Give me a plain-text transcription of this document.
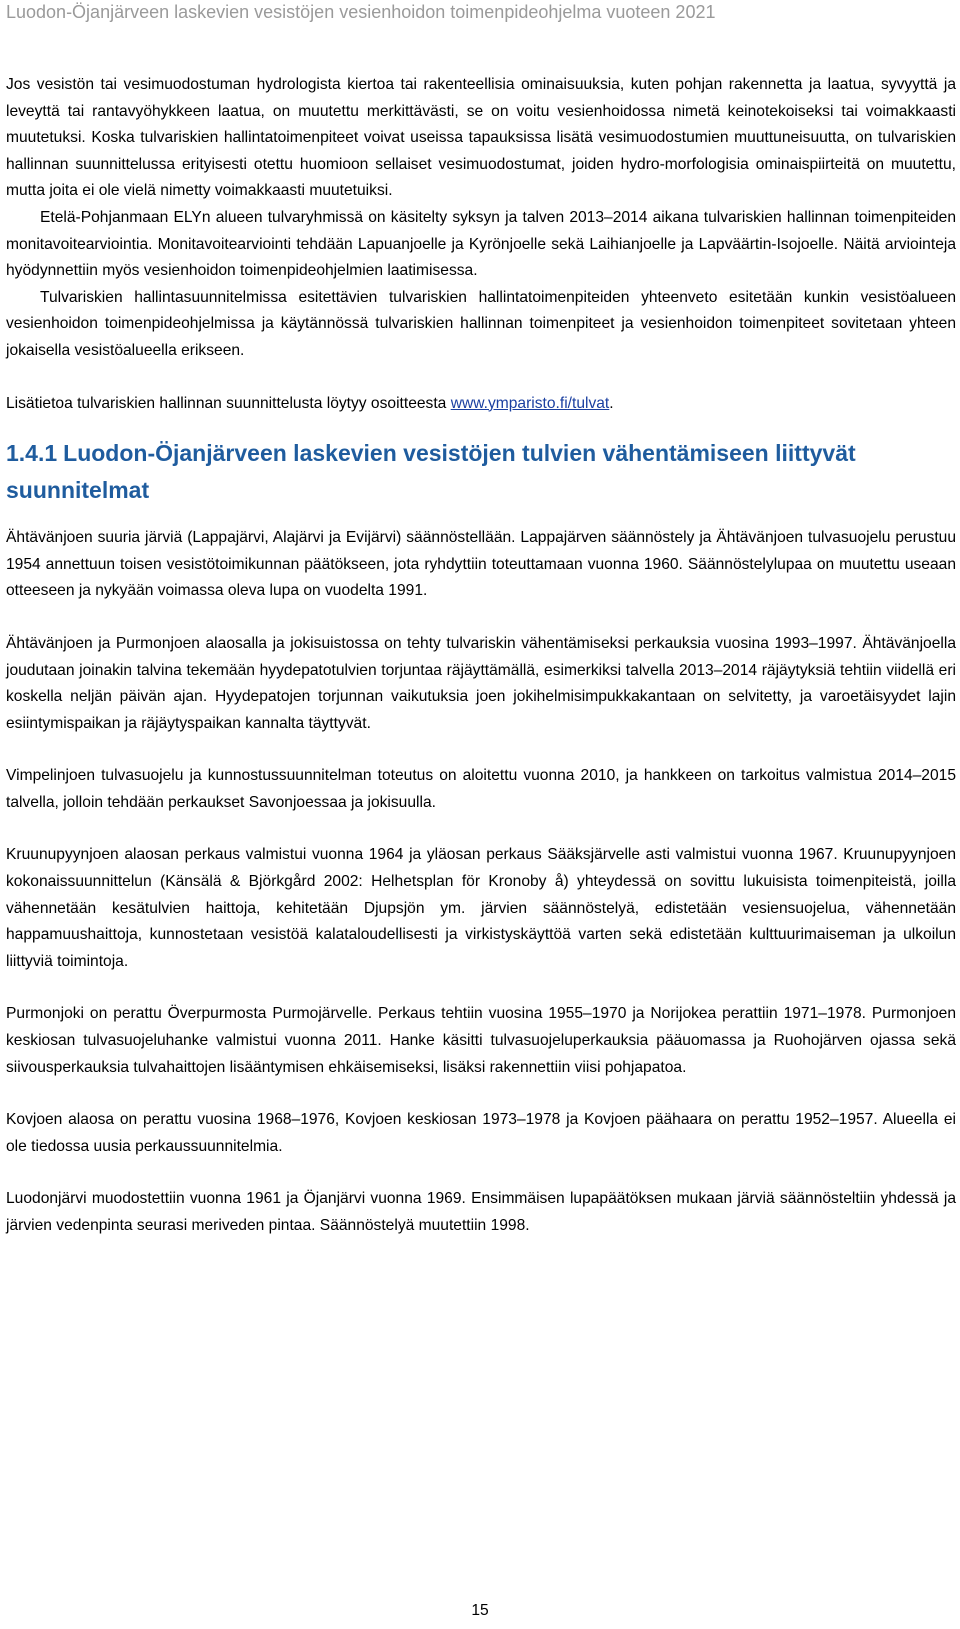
Luodon-Öjanjärveen laskevien vesistöjen vesienhoidon toimenpideohjelma vuoteen 2021

Jos vesistön tai vesimuodostuman hydrologista kiertoa tai rakenteellisia ominaisuuksia, kuten pohjan rakennetta ja laatua, syvyyttä ja leveyttä tai rantavyöhykkeen laatua, on muutettu merkittävästi, se on voitu vesienhoidossa nimetä keinotekoiseksi tai voimakkaasti muutetuksi. Koska tulvariskien hallintatoimenpiteet voivat useissa tapauksissa lisätä vesimuodostumien muuttuneisuutta, on tulvariskien hallinnan suunnittelussa erityisesti otettu huomioon sellaiset vesimuodostumat, joiden hydro-morfologisia ominaispiirteitä on muutettu, mutta joita ei ole vielä nimetty voimakkaasti muutetuiksi.

Etelä-Pohjanmaan ELYn alueen tulvaryhmissä on käsitelty syksyn ja talven 2013–2014 aikana tulvariskien hallinnan toimenpiteiden monitavoitearviointia. Monitavoitearviointi tehdään Lapuanjoelle ja Kyrönjoelle sekä Laihianjoelle ja Lapväärtin-Isojoelle. Näitä arviointeja hyödynnettiin myös vesienhoidon toimenpideohjelmien laatimisessa.

Tulvariskien hallintasuunnitelmissa esitettävien tulvariskien hallintatoimenpiteiden yhteenveto esitetään kunkin vesistöalueen vesienhoidon toimenpideohjelmissa ja käytännössä tulvariskien hallinnan toimenpiteet ja vesienhoidon toimenpiteet sovitetaan yhteen jokaisella vesistöalueella erikseen.

Lisätietoa tulvariskien hallinnan suunnittelusta löytyy osoitteesta www.ymparisto.fi/tulvat.

1.4.1 Luodon-Öjanjärveen laskevien vesistöjen tulvien vähentämiseen liittyvät suunnitelmat

Ähtävänjoen suuria järviä (Lappajärvi, Alajärvi ja Evijärvi) säännöstellään. Lappajärven säännöstely ja Ähtävänjoen tulvasuojelu perustuu 1954 annettuun toisen vesistötoimikunnan päätökseen, jota ryhdyttiin toteuttamaan vuonna 1960. Säännöstelylupaa on muutettu useaan otteeseen ja nykyään voimassa oleva lupa on vuodelta 1991.

Ähtävänjoen ja Purmonjoen alaosalla ja jokisuistossa on tehty tulvariskin vähentämiseksi perkauksia vuosina 1993–1997. Ähtävänjoella joudutaan joinakin talvina tekemään hyydepatotulvien torjuntaa räjäyttämällä, esimerkiksi talvella 2013–2014 räjäytyksiä tehtiin viidellä eri koskella neljän päivän ajan. Hyydepatojen torjunnan vaikutuksia joen jokihelmisimpukkakantaan on selvitetty, ja varoetäisyydet lajin esiintymispaikan ja räjäytyspaikan kannalta täyttyvät.

Vimpelinjoen tulvasuojelu ja kunnostussuunnitelman toteutus on aloitettu vuonna 2010, ja hankkeen on tarkoitus valmistua 2014–2015 talvella, jolloin tehdään perkaukset Savonjoessaa ja jokisuulla.

Kruunupyynjoen alaosan perkaus valmistui vuonna 1964 ja yläosan perkaus Sääksjärvelle asti valmistui vuonna 1967. Kruunupyynjoen kokonaissuunnittelun (Känsälä & Björkgård 2002: Helhetsplan för Kronoby å) yhteydessä on sovittu lukuisista toimenpiteistä, joilla vähennetään kesätulvien haittoja, kehitetään Djupsjön ym. järvien säännöstelyä, edistetään vesiensuojelua, vähennetään happamuushaittoja, kunnostetaan vesistöä kalataloudellisesti ja virkistyskäyttöä varten sekä edistetään kulttuurimaiseman ja ulkoilun liittyviä toimintoja.

Purmonjoki on perattu Överpurmosta Purmojärvelle. Perkaus tehtiin vuosina 1955–1970 ja Norijokea perattiin 1971–1978. Purmonjoen keskiosan tulvasuojeluhanke valmistui vuonna 2011. Hanke käsitti tulvasuojeluperkauksia pääuomassa ja Ruohojärven ojassa sekä siivousperkauksia tulvahaittojen lisääntymisen ehkäisemiseksi, lisäksi rakennettiin viisi pohjapatoa.

Kovjoen alaosa on perattu vuosina 1968–1976, Kovjoen keskiosan 1973–1978 ja Kovjoen päähaara on perattu 1952–1957. Alueella ei ole tiedossa uusia perkaussuunnitelmia.

Luodonjärvi muodostettiin vuonna 1961 ja Öjanjärvi vuonna 1969. Ensimmäisen lupapäätöksen mukaan järviä säännösteltiin yhdessä ja järvien vedenpinta seurasi meriveden pintaa. Säännöstelyä muutettiin 1998.

15
